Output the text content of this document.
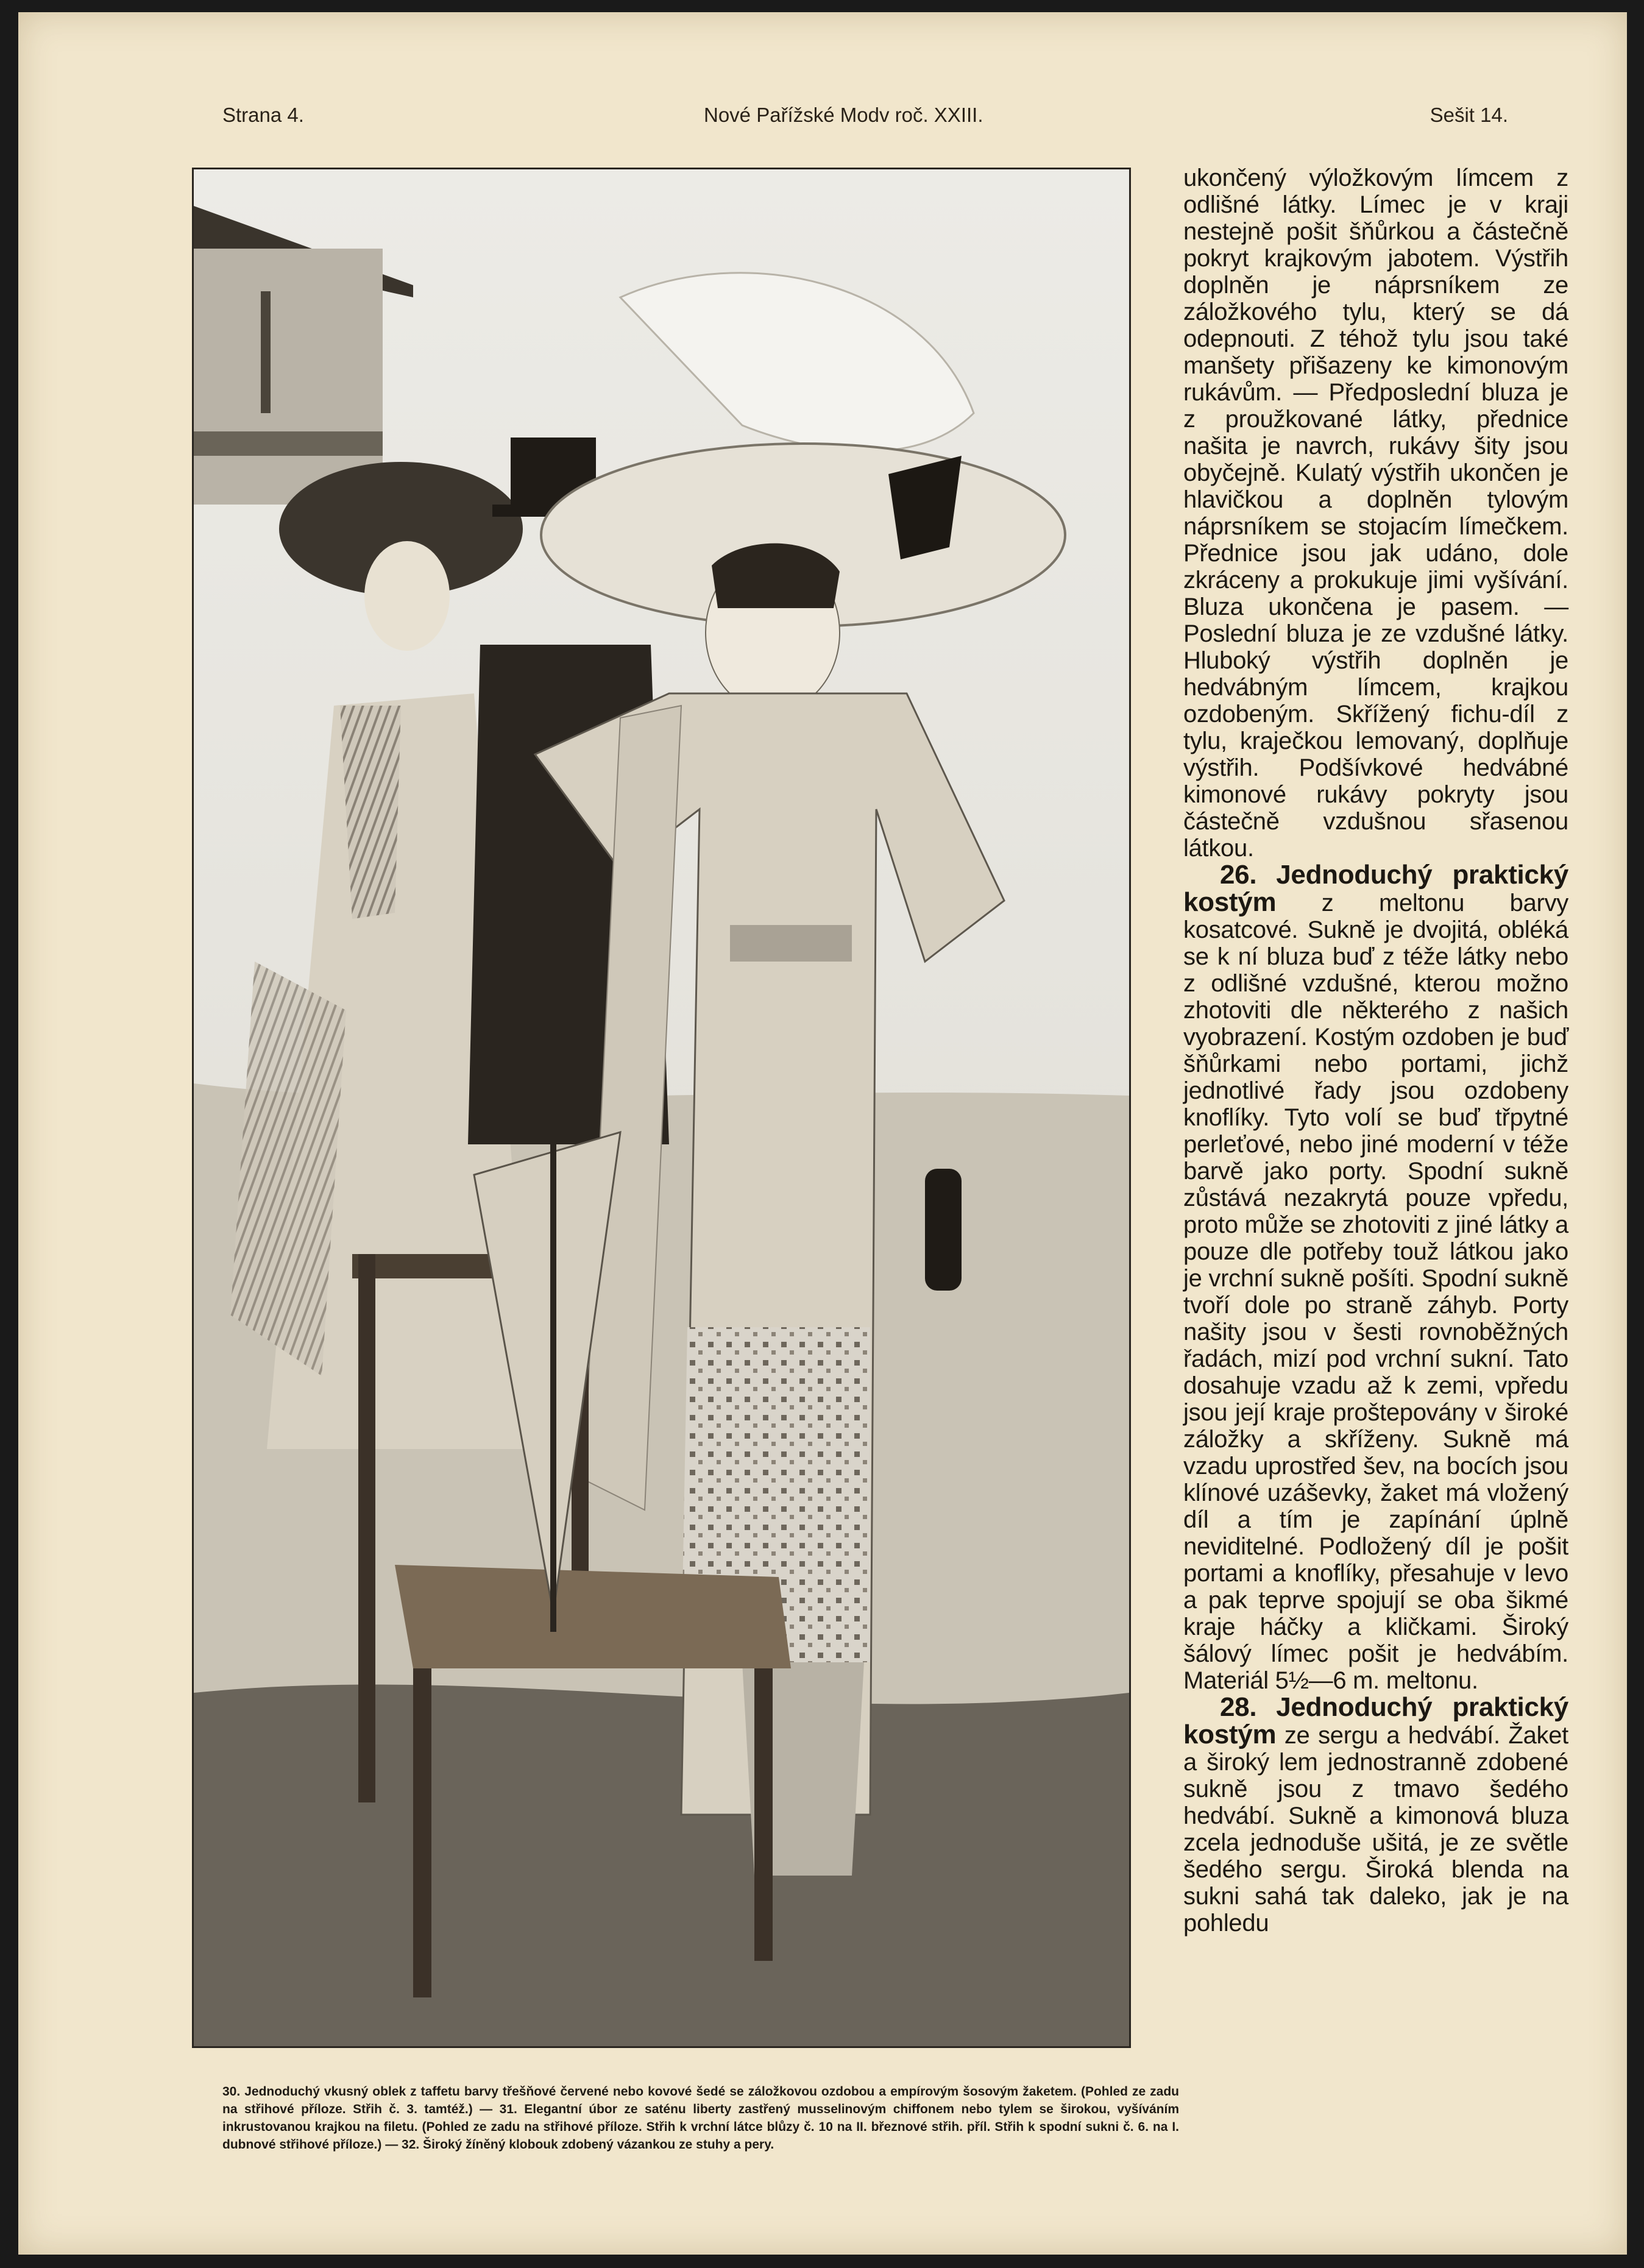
Strana 4.	Nové Pařížské Modv roč. XXIII.	Sešit 14.
30. Jednoduchý vkusný oblek z taffetu barvy třešňové červené nebo kovové šedé se záložkovou ozdobou a empírovým šosovým žaketem. (Pohled ze zadu na střihové příloze. Střih č. 3. tamtéž.) — 31. Elegantní úbor ze saténu liberty zastřený musselinovým chiffonem nebo tylem se širokou, vyšíváním inkrustovanou krajkou na filetu. (Pohled ze zadu na střihové příloze. Střih k vrchní látce blůzy č. 10 na II. březnové střih. příl. Střih k spodní sukni č. 6. na I. dubnové střihové příloze.) — 32. Široký žíněný klobouk zdobený vázankou ze stuhy a pery.

ukončený výložkovým límcem z odlišné látky. Límec je v kraji nestejně pošit šňůrkou a částečně pokryt krajkovým jabotem. Výstřih doplněn je náprsníkem ze záložkového tylu, který se dá odepnouti. Z téhož tylu jsou také manšety přišazeny ke kimonovým rukávům. — Předposlední bluza je z proužkované látky, přednice našita je navrch, rukávy šity jsou obyčejně. Kulatý výstřih ukončen je hlavičkou a doplněn tylovým náprsníkem se stojacím límečkem. Přednice jsou jak udáno, dole zkráceny a prokukuje jimi vyšívání. Bluza ukončena je pasem. — Poslední bluza je ze vzdušné látky. Hluboký výstřih doplněn je hedvábným límcem, krajkou ozdobeným. Skřížený fichu-díl z tylu, kraječkou lemovaný, doplňuje výstřih. Podšívkové hedvábné kimonové rukávy pokryty jsou částečně vzdušnou sřasenou látkou.

26. Jednoduchý praktický kostým z meltonu barvy kosatcové. Sukně je dvojitá, obléká se k ní bluza buď z téže látky nebo z odlišné vzdušné, kterou možno zhotoviti dle některého z našich vyobrazení. Kostým ozdoben je buď šňůrkami nebo portami, jichž jednotlivé řady jsou ozdobeny knoflíky. Tyto volí se buď třpytné perleťové, nebo jiné moderní v téže barvě jako porty. Spodní sukně zůstává nezakrytá pouze vpředu, proto může se zhotoviti z jiné látky a pouze dle potřeby touž látkou jako je vrchní sukně pošíti. Spodní sukně tvoří dole po straně záhyb. Porty našity jsou v šesti rovnoběžných řadách, mizí pod vrchní sukní. Tato dosahuje vzadu až k zemi, vpředu jsou její kraje proštepovány v široké záložky a skříženy. Sukně má vzadu uprostřed šev, na bocích jsou klínové uzáševky, žaket má vložený díl a tím je zapínání úplně neviditelné. Podložený díl je pošit portami a knoflíky, přesahuje v levo a pak teprve spojují se oba šikmé kraje háčky a kličkami. Široký šálový límec pošit je hedvábím. Materiál 5½—6 m. meltonu.

28. Jednoduchý praktický kostým ze sergu a hedvábí. Žaket a široký lem jednostranně zdobené sukně jsou z tmavo šedého hedvábí. Sukně a kimonová bluza zcela jednoduše ušitá, je ze světle šedého sergu. Široká blenda na sukni sahá tak daleko, jak je na pohledu
